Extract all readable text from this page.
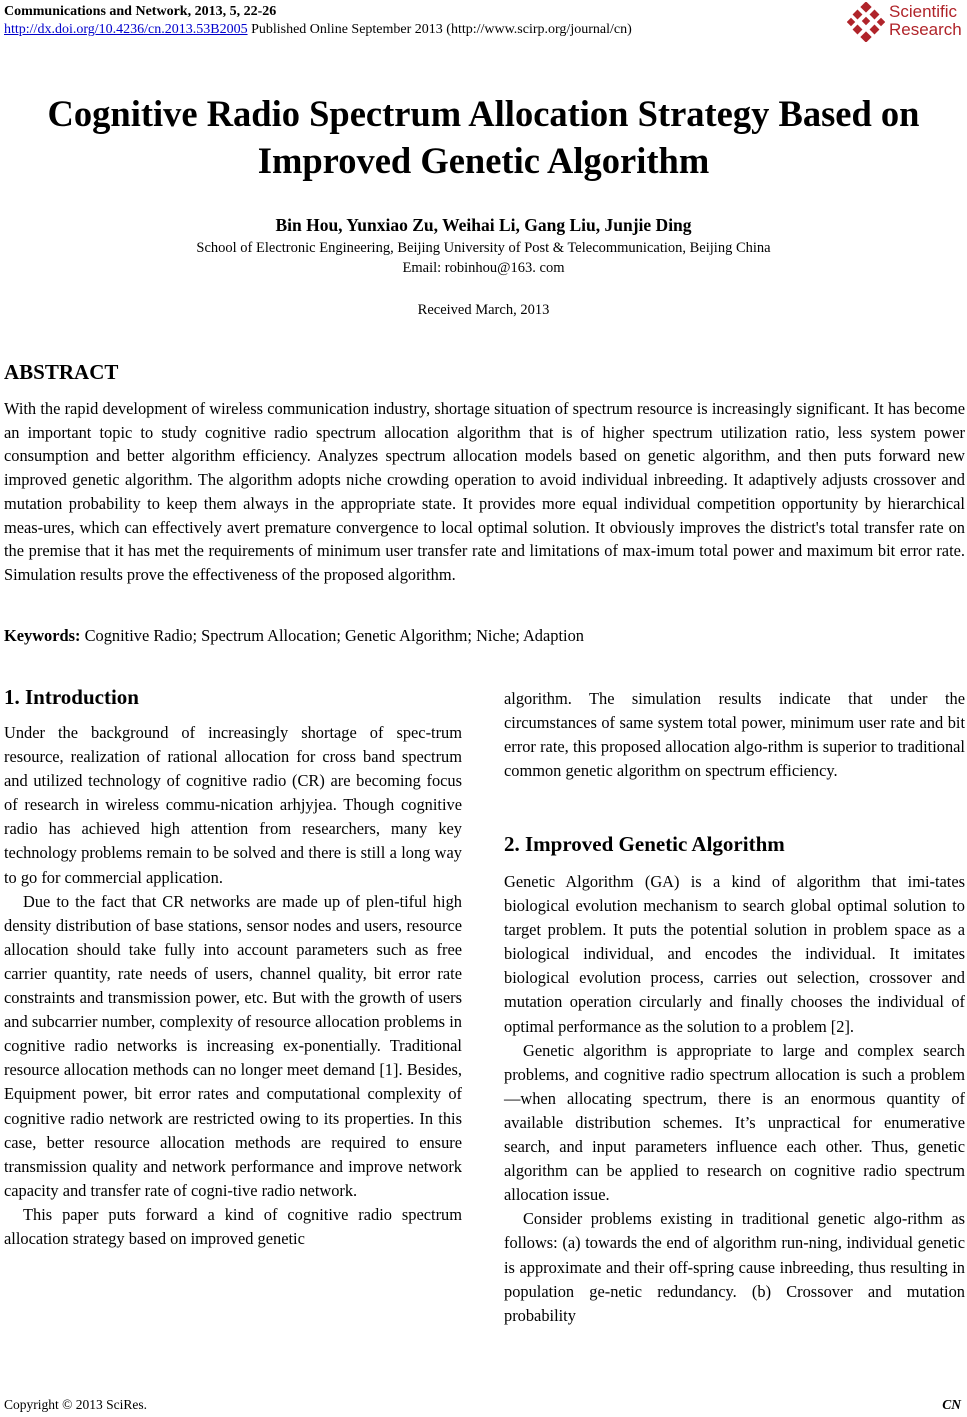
Communications and Network, 2013, 5, 22-26
http://dx.doi.org/10.4236/cn.2013.53B2005 Published Online September 2013 (http://www.scirp.org/journal/cn)
Scientific
Research
Cognitive Radio Spectrum Allocation Strategy Based on
Improved Genetic Algorithm
Bin Hou, Yunxiao Zu, Weihai Li, Gang Liu, Junjie Ding
School of Electronic Engineering, Beijing University of Post & Telecommunication, Beijing China
Email: robinhou@163. com
Received March, 2013
ABSTRACT
With the rapid development of wireless communication industry, shortage situation of spectrum resource is increasingly significant. It has become an important topic to study cognitive radio spectrum allocation algorithm that is of higher spectrum utilization ratio, less system power consumption and better algorithm efficiency. Analyzes spectrum allocation models based on genetic algorithm, and then puts forward new improved genetic algorithm. The algorithm adopts niche crowding operation to avoid individual inbreeding. It adaptively adjusts crossover and mutation probability to keep them always in the appropriate state. It provides more equal individual competition opportunity by hierarchical meas-ures, which can effectively avert premature convergence to local optimal solution. It obviously improves the district's total transfer rate on the premise that it has met the requirements of minimum user transfer rate and limitations of max-imum total power and maximum bit error rate. Simulation results prove the effectiveness of the proposed algorithm.
Keywords: Cognitive Radio; Spectrum Allocation; Genetic Algorithm; Niche; Adaption
1. Introduction

Under the background of increasingly shortage of spec-trum resource, realization of rational allocation for cross band spectrum and utilized technology of cognitive radio (CR) are becoming focus of research in wireless commu-nication arhjyjea. Though cognitive radio has achieved high attention from researchers, many key technology problems remain to be solved and there is still a long way to go for commercial application.

Due to the fact that CR networks are made up of plen-tiful high density distribution of base stations, sensor nodes and users, resource allocation should take fully into account parameters such as free carrier quantity, rate needs of users, channel quality, bit error rate constraints and transmission power, etc. But with the growth of users and subcarrier number, complexity of resource allocation problems in cognitive radio networks is increasing ex-ponentially. Traditional resource allocation methods can no longer meet demand [1]. Besides, Equipment power, bit error rates and computational complexity of cognitive radio network are restricted owing to its properties. In this case, better resource allocation methods are required to ensure transmission quality and network performance and improve network capacity and transfer rate of cogni-tive radio network.

This paper puts forward a kind of cognitive radio spectrum allocation strategy based on improved genetic

algorithm. The simulation results indicate that under the circumstances of same system total power, minimum user rate and bit error rate, this proposed allocation algo-rithm is superior to traditional common genetic algorithm on spectrum efficiency.

2. Improved Genetic Algorithm

Genetic Algorithm (GA) is a kind of algorithm that imi-tates biological evolution mechanism to search global optimal solution to target problem. It puts the potential solution in problem space as a biological individual, and encodes the individual. It imitates biological evolution process, carries out selection, crossover and mutation operation circularly and finally chooses the individual of optimal performance as the solution to a problem [2].

Genetic algorithm is appropriate to large and complex search problems, and cognitive radio spectrum allocation is such a problem—when allocating spectrum, there is an enormous quantity of available distribution schemes. It’s unpractical for enumerative search, and input parameters influence each other. Thus, genetic algorithm can be applied to research on cognitive radio spectrum allocation issue.

Consider problems existing in traditional genetic algo-rithm as follows: (a) towards the end of algorithm run-ning, individual genetic is approximate and their off-spring cause inbreeding, thus resulting in population ge-netic redundancy. (b) Crossover and mutation probability

Copyright © 2013 SciRes.	CN
